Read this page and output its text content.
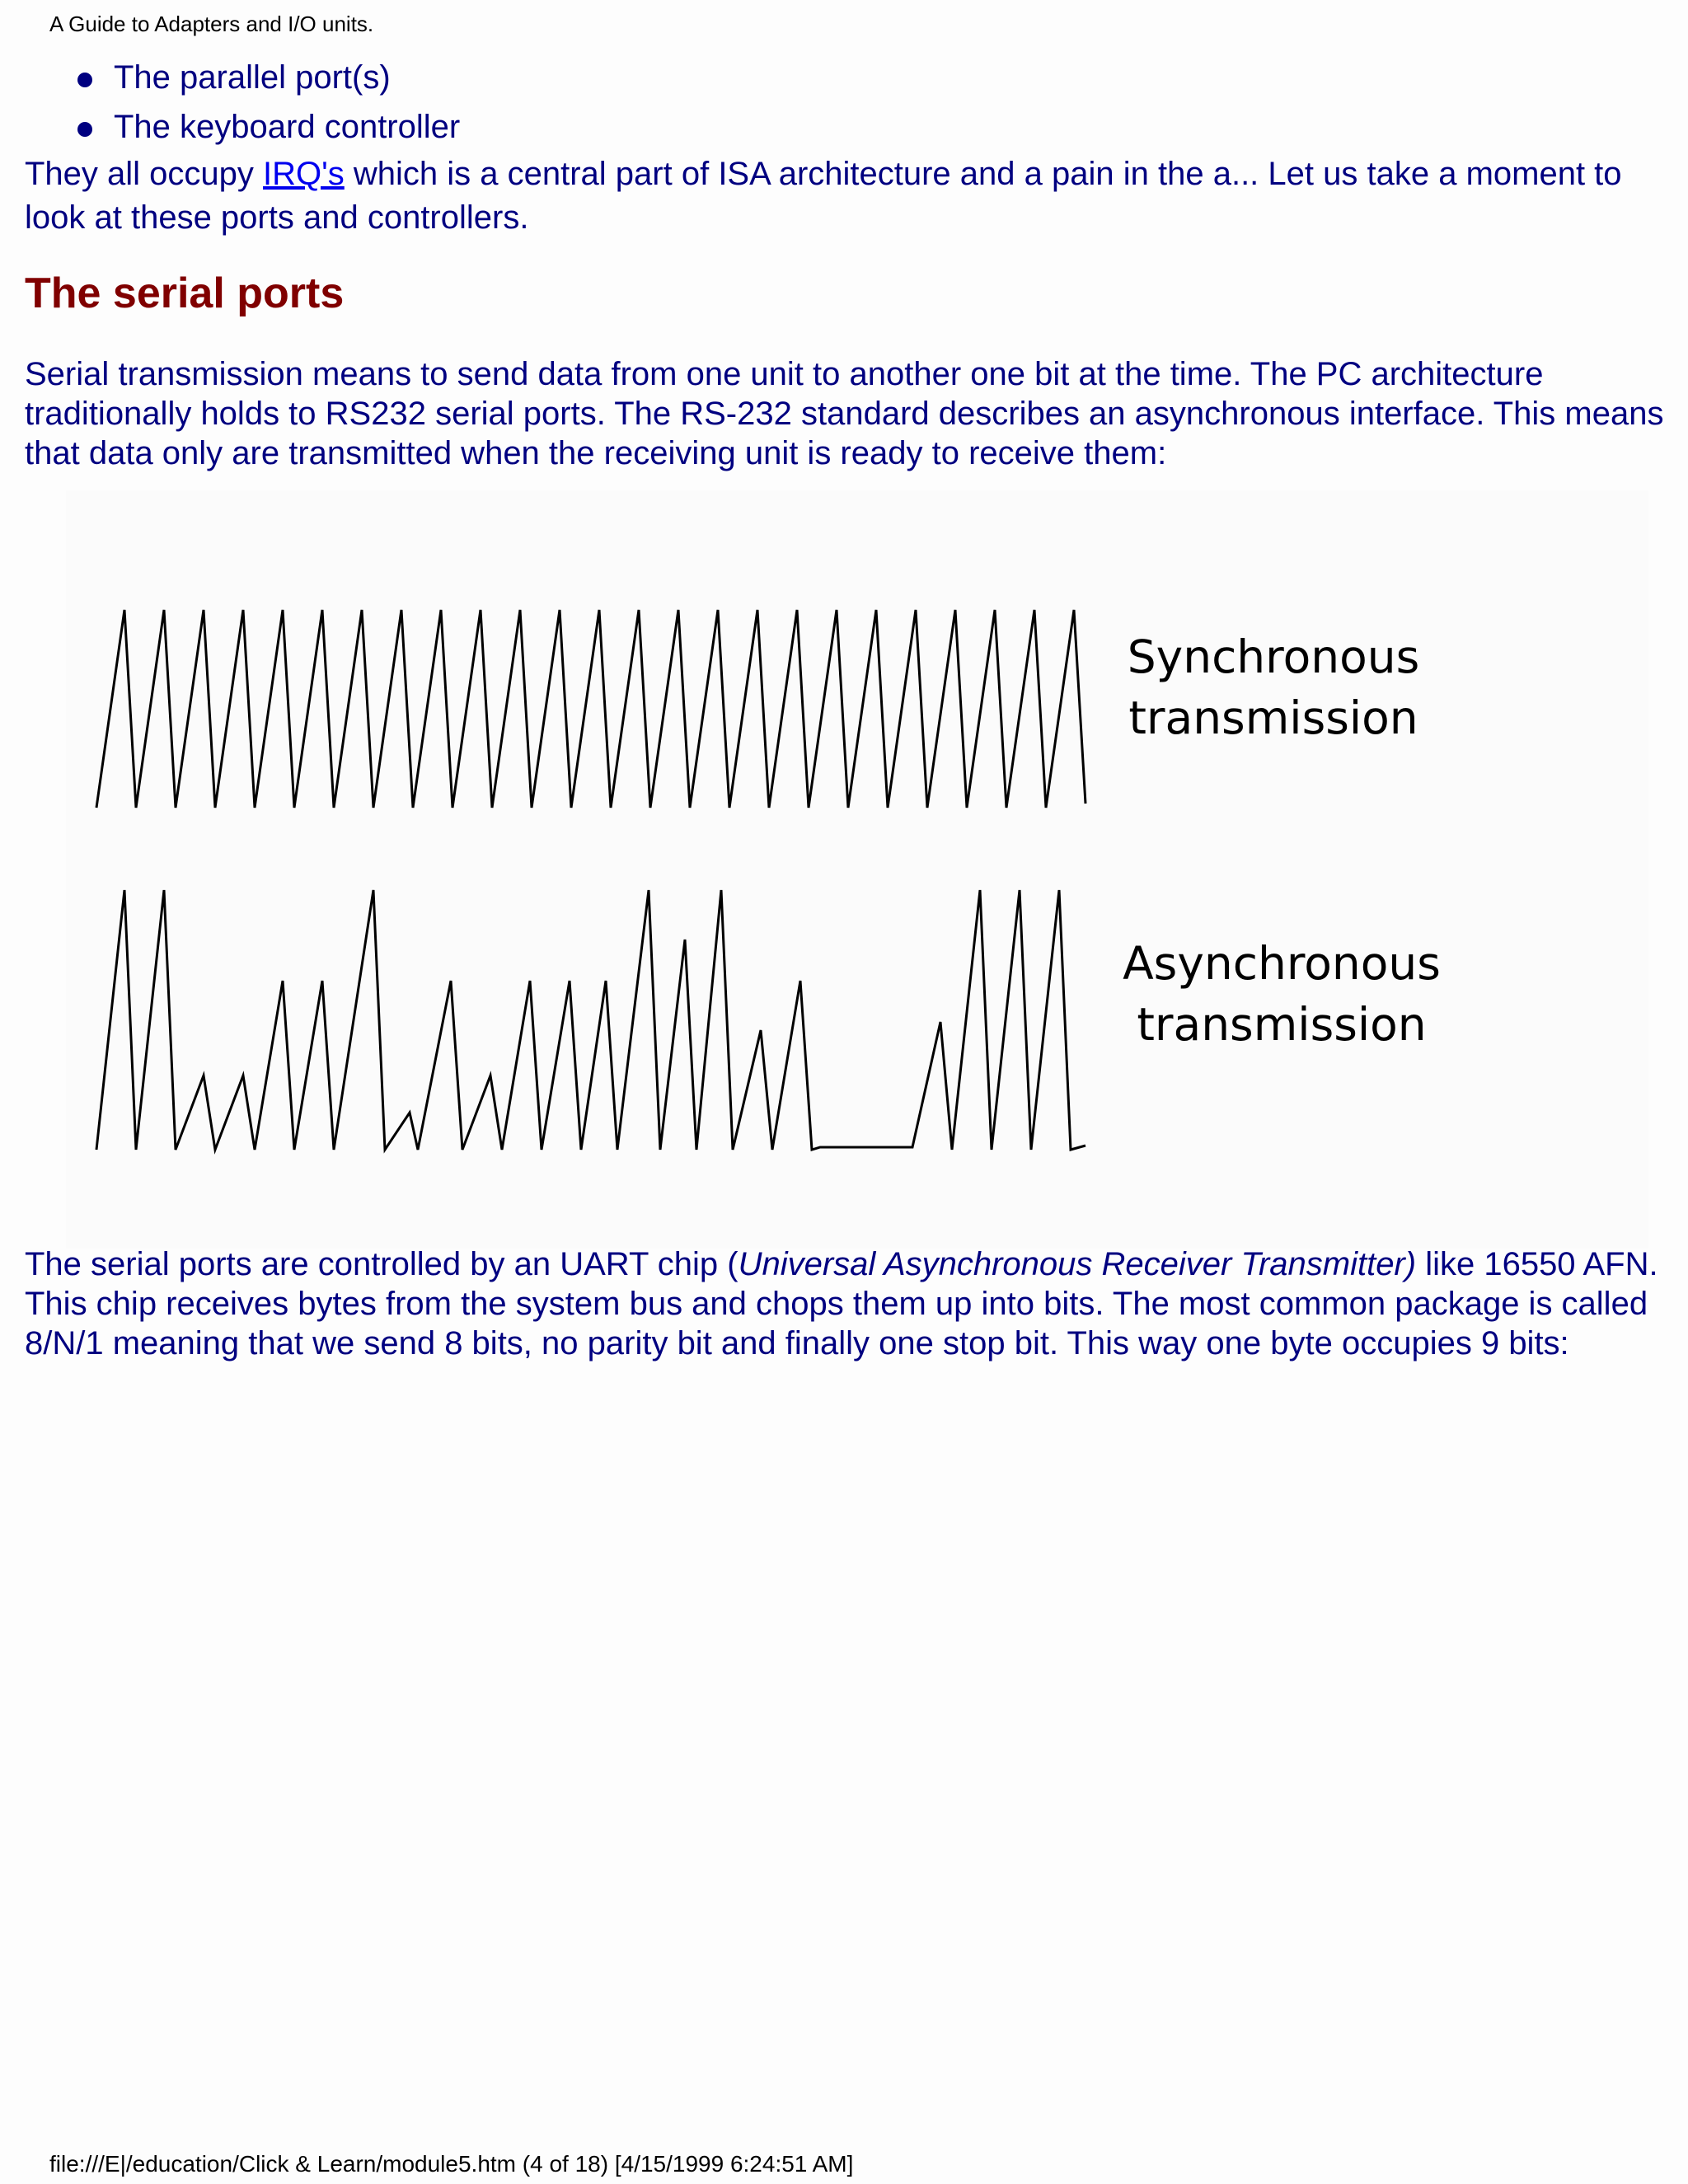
A Guide to Adapters and I/O units.
The parallel port(s)
The keyboard controller

They all occupy IRQ's which is a central part of ISA architecture and a pain in the a... Let us take a moment to look at these ports and controllers.

The serial ports

Serial transmission means to send data from one unit to another one bit at the time. The PC architecture traditionally holds to RS232 serial ports. The RS-232 standard describes an asynchronous interface. This means that data only are transmitted when the receiving unit is ready to receive them:

Synchronous
transmission
Asynchronous
transmission

The serial ports are controlled by an UART chip (Universal Asynchronous Receiver Transmitter) like 16550 AFN. This chip receives bytes from the system bus and chops them up into bits. The most common package is called 8/N/1 meaning that we send 8 bits, no parity bit and finally one stop bit. This way one byte occupies 9 bits:

file:///E|/education/Click & Learn/module5.htm (4 of 18) [4/15/1999 6:24:51 AM]
